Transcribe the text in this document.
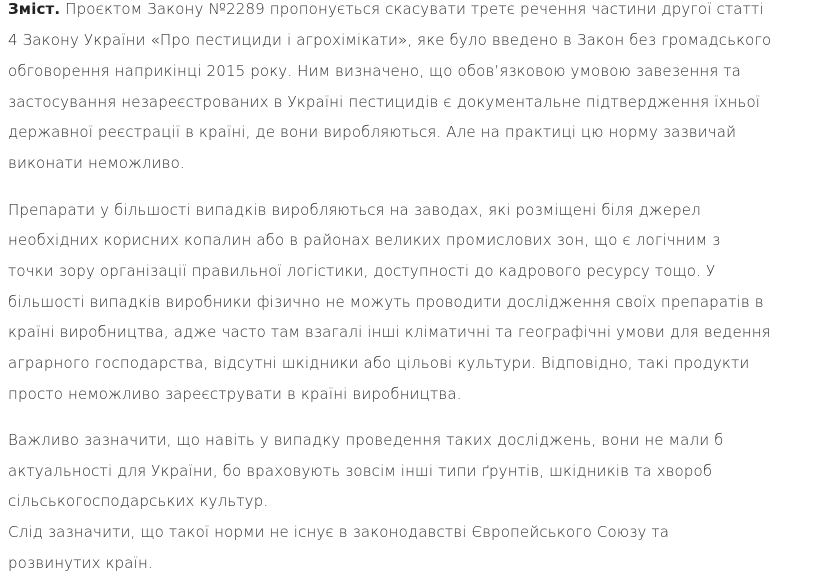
Зміст. Проєктом Закону №2289 пропонується скасувати третє речення частини другої статті
4 Закону України «Про пестициди і агрохімікати», яке було введено в Закон без громадського
обговорення наприкінці 2015 року. Ним визначено, що обов’язковою умовою завезення та
застосування незареєстрованих в Україні пестицидів є документальне підтвердження їхньої
державної реєстрації в країні, де вони виробляються. Але на практиці цю норму зазвичай
виконати неможливо.
Препарати у більшості випадків виробляються на заводах, які розміщені біля джерел
необхідних корисних копалин або в районах великих промислових зон, що є логічним з
точки зору організації правильної логістики, доступності до кадрового ресурсу тощо. У
більшості випадків виробники фізично не можуть проводити дослідження своїх препаратів в
країні виробництва, адже часто там взагалі інші кліматичні та географічні умови для ведення
аграрного господарства, відсутні шкідники або цільові культури. Відповідно, такі продукти
просто неможливо зареєструвати в країні виробництва.
Важливо зазначити, що навіть у випадку проведення таких досліджень, вони не мали б
актуальності для України, бо враховують зовсім інші типи ґрунтів, шкідників та хвороб
сільськогосподарських культур.
Слід зазначити, що такої норми не існує в законодавстві Європейського Союзу та
розвинутих країн.
